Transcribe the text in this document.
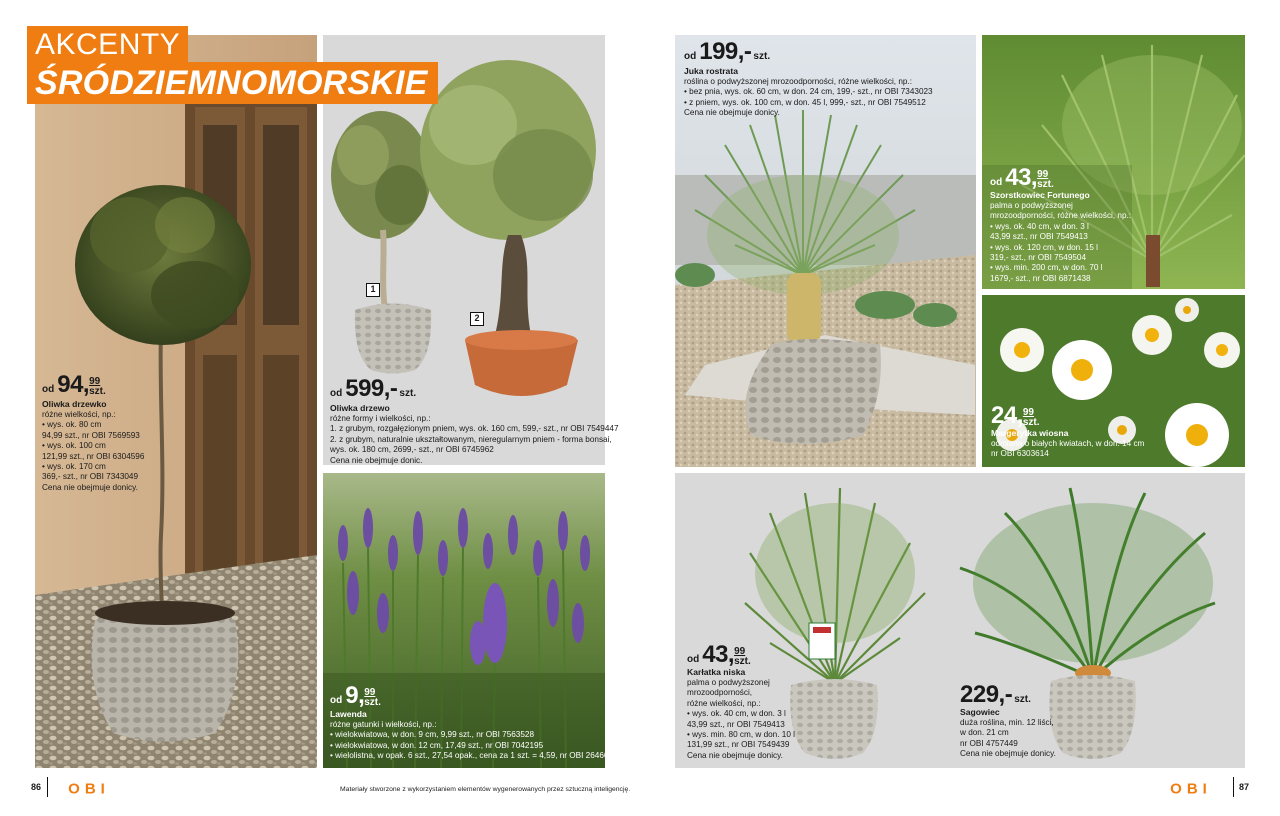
AKCENTY
ŚRÓDZIEMNOMORSKIE
od 94, 99
szt.
Oliwka drzewko
różne wielkości, np.:
• wys. ok. 80 cm
94,99 szt., nr OBI 7569593
• wys. ok. 100 cm
121,99 szt., nr OBI 6304596
• wys. ok. 170 cm
369,- szt., nr OBI 7343049
Cena nie obejmuje donicy.
1
2
od 599,- szt.
Oliwka drzewo
różne formy i wielkości, np.:
1. z grubym, rozgałęzionym pniem, wys. ok. 160 cm, 599,- szt., nr OBI 7549447
2. z grubym, naturalnie ukształtowanym, nieregularnym pniem - forma bonsai,
wys. ok. 180 cm, 2699,- szt., nr OBI 6745962
Cena nie obejmuje donic.
od 9, 99
szt.
Lawenda
różne gatunki i wielkości, np.:
• wielokwiatowa, w don. 9 cm, 9,99 szt., nr OBI 7563528
• wielokwiatowa, w don. 12 cm, 17,49 szt., nr OBI 7042195
• wielolistna, w opak. 6 szt., 27,54 opak., cena za 1 szt. = 4,59, nr OBI 2646624
86 OBI	Materiały stworzone z wykorzystaniem elementów wygenerowanych przez sztuczną inteligencję.
od 199,- szt.
Juka rostrata
roślina o podwyższonej mrozoodporności, różne wielkości, np.:
• bez pnia, wys. ok. 60 cm, w don. 24 cm, 199,- szt., nr OBI 7343023
• z pniem, wys. ok. 100 cm, w don. 45 l, 999,- szt., nr OBI 7549512
Cena nie obejmuje donicy.
od 43, 99
szt.
Szorstkowiec Fortunego
palma o podwyższonej
mrozoodporności, różne wielkości, np.:
• wys. ok. 40 cm, w don. 3 l
43,99 szt., nr OBI 7549413
• wys. ok. 120 cm, w don. 15 l
319,- szt., nr OBI 7549504
• wys. min. 200 cm, w don. 70 l
1679,- szt., nr OBI 6871438
24, 99
szt.
Margerytka wiosna
odmiana o białych kwiatach, w don. 14 cm
nr OBI 6303614
od 43, 99
szt.
Karłatka niska
palma o podwyższonej
mrozoodporności,
różne wielkości, np.:
• wys. ok. 40 cm, w don. 3 l
43,99 szt., nr OBI 7549413
• wys. min. 80 cm, w don. 10 l
131,99 szt., nr OBI 7549439
Cena nie obejmuje donicy.
229,- szt.
Sagowiec
duża roślina, min. 12 liści,
w don. 21 cm
nr OBI 4757449
Cena nie obejmuje donicy.
OBI	87
